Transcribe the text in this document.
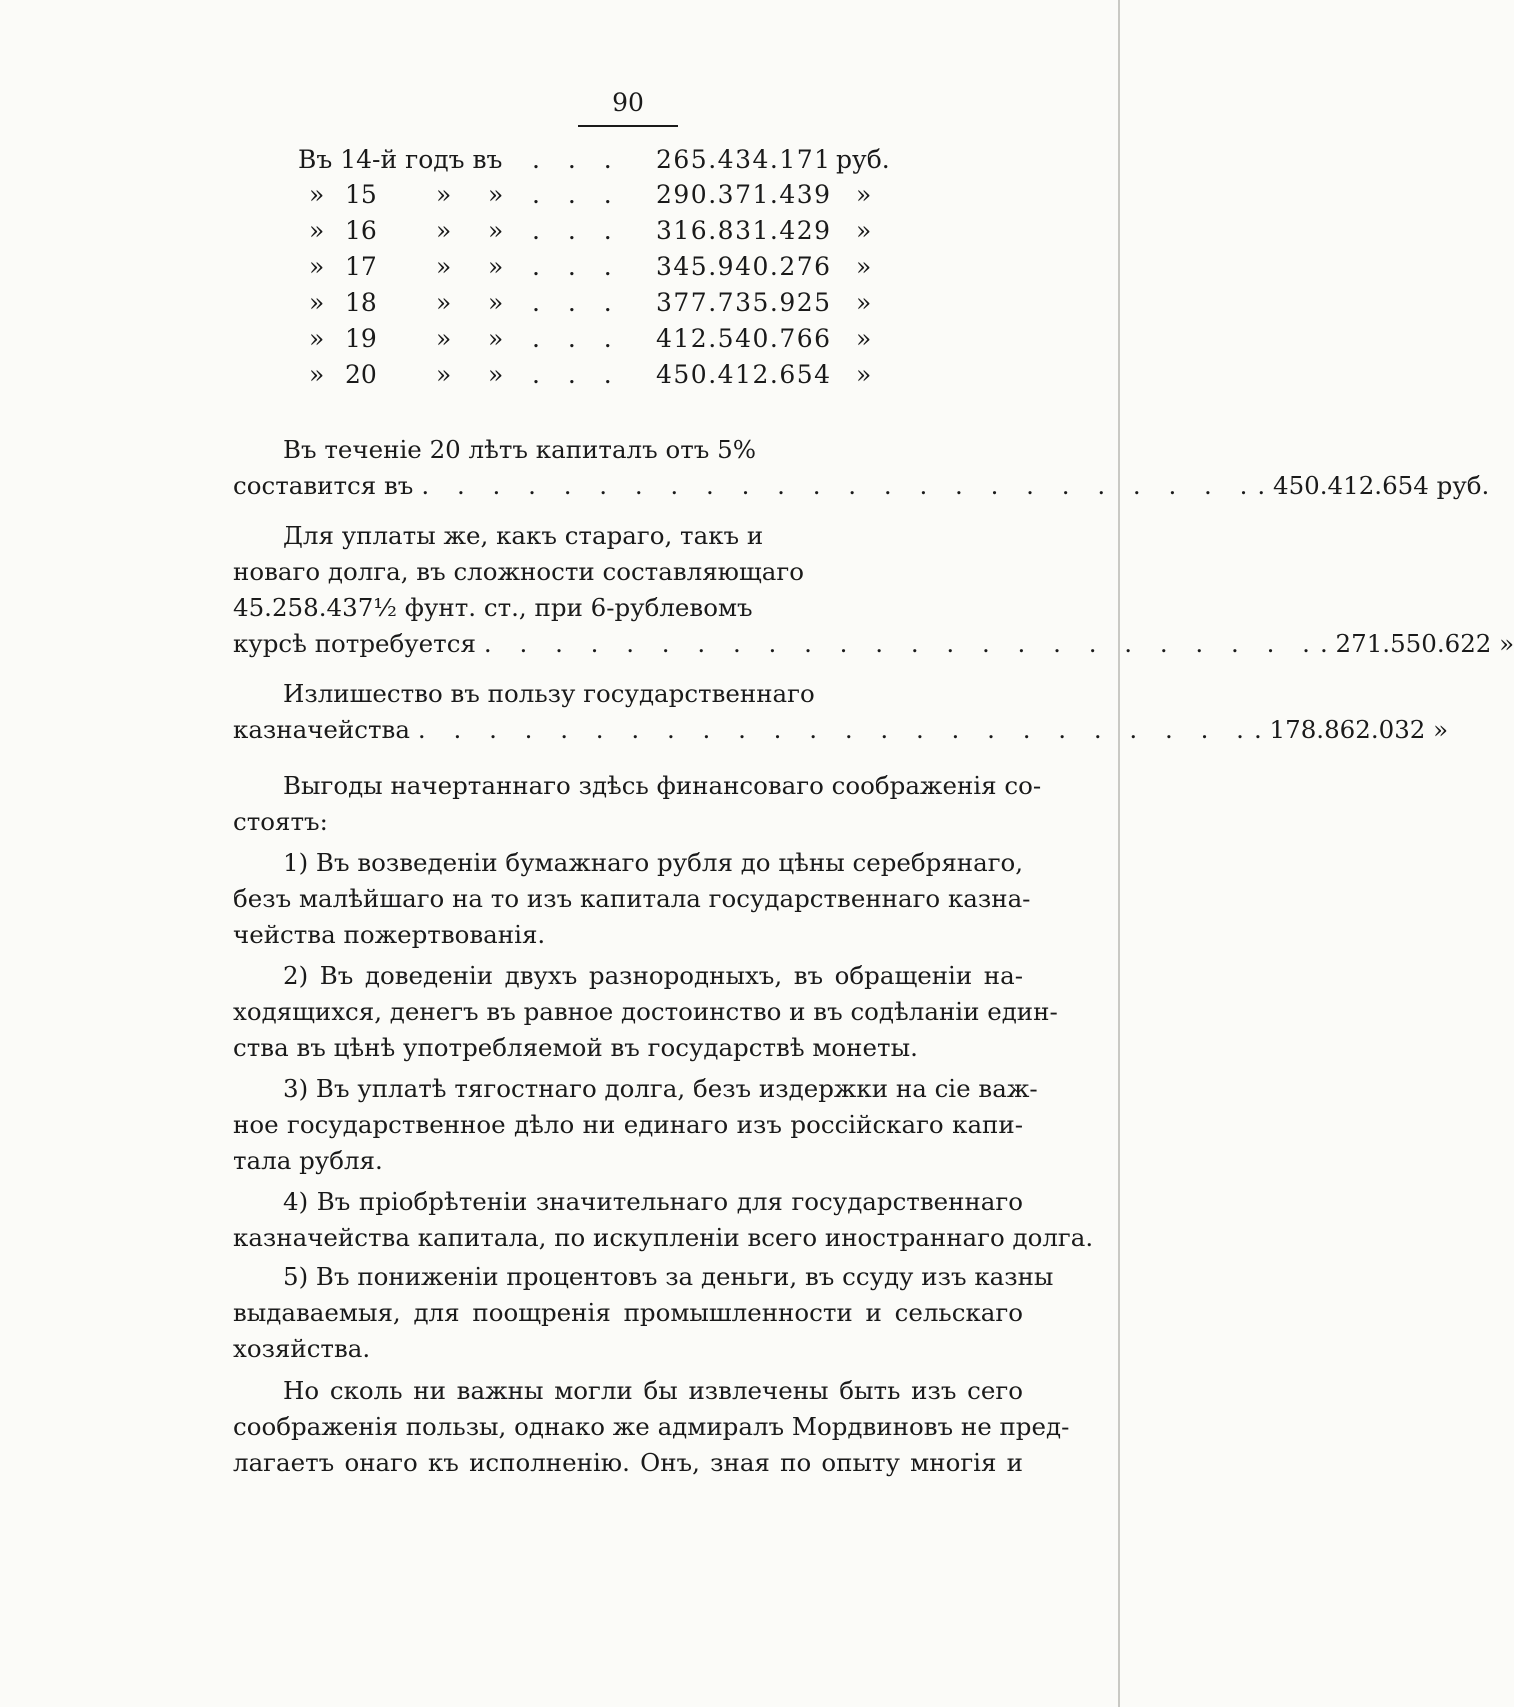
90
Въ 14-й годъ въ . . . 265.434.171 руб.
» 15 » » . . . 290.371.439 »
» 16 » » . . . 316.831.429 »
» 17 » » . . . 345.940.276 »
» 18 » » . . . 377.735.925 »
» 19 » » . . . 412.540.766 »
» 20 » » . . . 450.412.654 »
Въ теченіе 20 лѣтъ капиталъ отъ 5%
составится въ . . . . . . . . . . . . . . . . . . . . . . . . . 450.412.654 руб.
Для уплаты же, какъ стараго, такъ и
новаго долга, въ сложности составляющаго
45.258.437½ фунт. ст., при 6-рублевомъ
курсѣ потребуется . . . . . . . . . . . . . . . . . . . . . . . . . 271.550.622 »
Излишество въ пользу государственнаго
казначейства . . . . . . . . . . . . . . . . . . . . . . . . . 178.862.032 »
Выгоды начертаннаго здѣсь финансоваго соображенія со-
стоятъ:
1) Въ возведеніи бумажнаго рубля до цѣны серебрянаго,
безъ малѣйшаго на то изъ капитала государственнаго казна-
чейства пожертвованія.
2) Въ доведеніи двухъ разнородныхъ, въ обращеніи на-
ходящихся, денегъ въ равное достоинство и въ содѣланіи един-
ства въ цѣнѣ употребляемой въ государствѣ монеты.
3) Въ уплатѣ тягостнаго долга, безъ издержки на сіе важ-
ное государственное дѣло ни единаго изъ россійскаго капи-
тала рубля.
4) Въ пріобрѣтеніи значительнаго для государственнаго
казначейства капитала, по искупленіи всего иностраннаго долга.
5) Въ пониженіи процентовъ за деньги, въ ссуду изъ казны
выдаваемыя, для поощренія промышленности и сельскаго
хозяйства.
Но сколь ни важны могли бы извлечены быть изъ сего
соображенія пользы, однако же адмиралъ Мордвиновъ не пред-
лагаетъ онаго къ исполненію. Онъ, зная по опыту многія и
